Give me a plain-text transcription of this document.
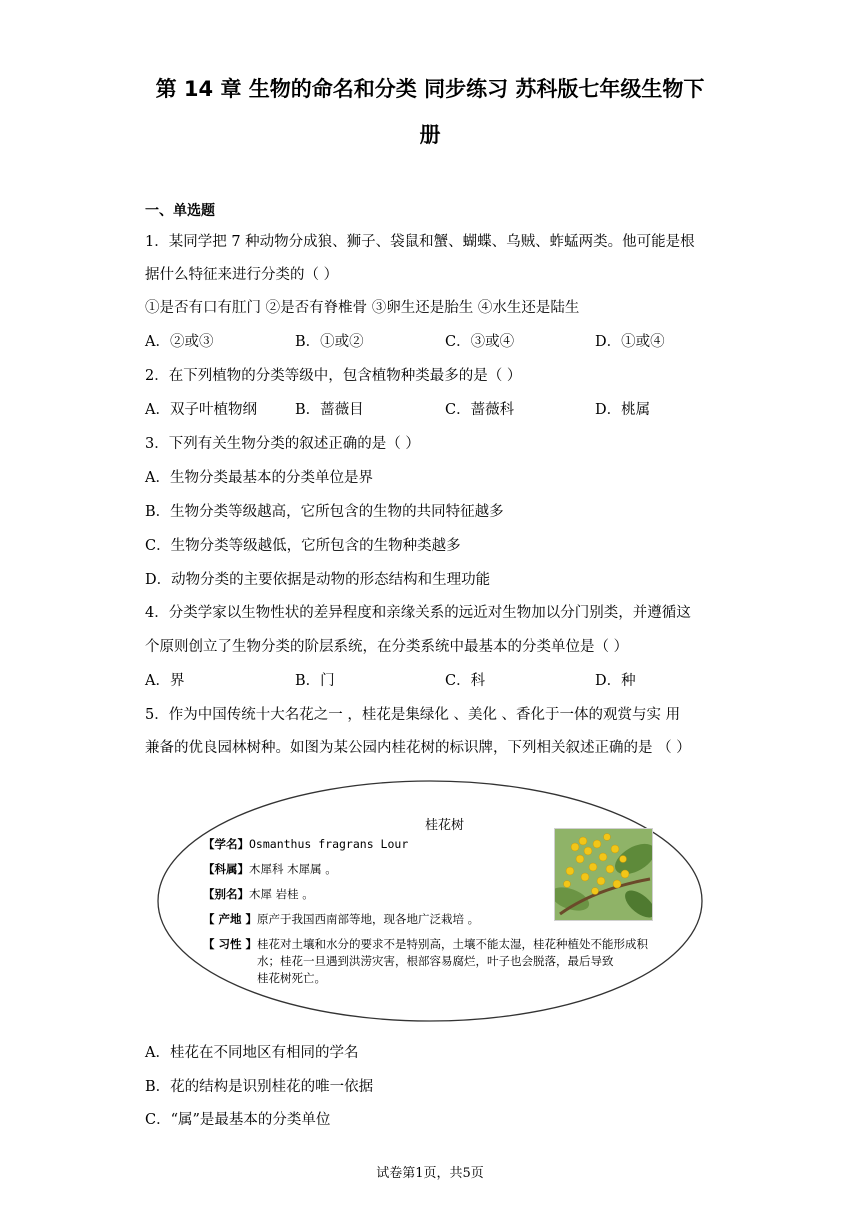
第 14 章 生物的命名和分类 同步练习 苏科版七年级生物下
册
一、单选题
1．某同学把 7 种动物分成狼、狮子、袋鼠和蟹、蝴蝶、乌贼、蚱蜢两类。他可能是根
据什么特征来进行分类的（ ）
①是否有口有肛门 ②是否有脊椎骨 ③卵生还是胎生 ④水生还是陆生
A．②或③	B．①或②	C．③或④	D．①或④
2．在下列植物的分类等级中，包含植物种类最多的是（ ）
A．双子叶植物纲	B．蔷薇目	C．蔷薇科	D．桃属
3．下列有关生物分类的叙述正确的是（ ）
A．生物分类最基本的分类单位是界
B．生物分类等级越高，它所包含的生物的共同特征越多
C．生物分类等级越低，它所包含的生物种类越多
D．动物分类的主要依据是动物的形态结构和生理功能
4．分类学家以生物性状的差异程度和亲缘关系的远近对生物加以分门别类，并遵循这
个原则创立了生物分类的阶层系统，在分类系统中最基本的分类单位是（ ）
A．界	B．门	C．科	D．种
5．作为中国传统十大名花之一 ，桂花是集绿化 、美化 、香化于一体的观赏与实 用
兼备的优良园林树种。如图为某公园内桂花树的标识牌，下列相关叙述正确的是 （ ）
桂花树
【学名】Osmanthus fragrans Lour
【科属】木犀科 木犀属 。
【别名】木犀 岩桂 。
【 产地 】原产于我国西南部等地，现各地广泛栽培 。
【 习性 】桂花对土壤和水分的要求不是特别高，土壤不能太湿，桂花种植处不能形成积
水；桂花一旦遇到洪涝灾害，根部容易腐烂，叶子也会脱落，最后导致
桂花树死亡。
A．桂花在不同地区有相同的学名
B．花的结构是识别桂花的唯一依据
C．“属”是最基本的分类单位
试卷第1页，共5页
